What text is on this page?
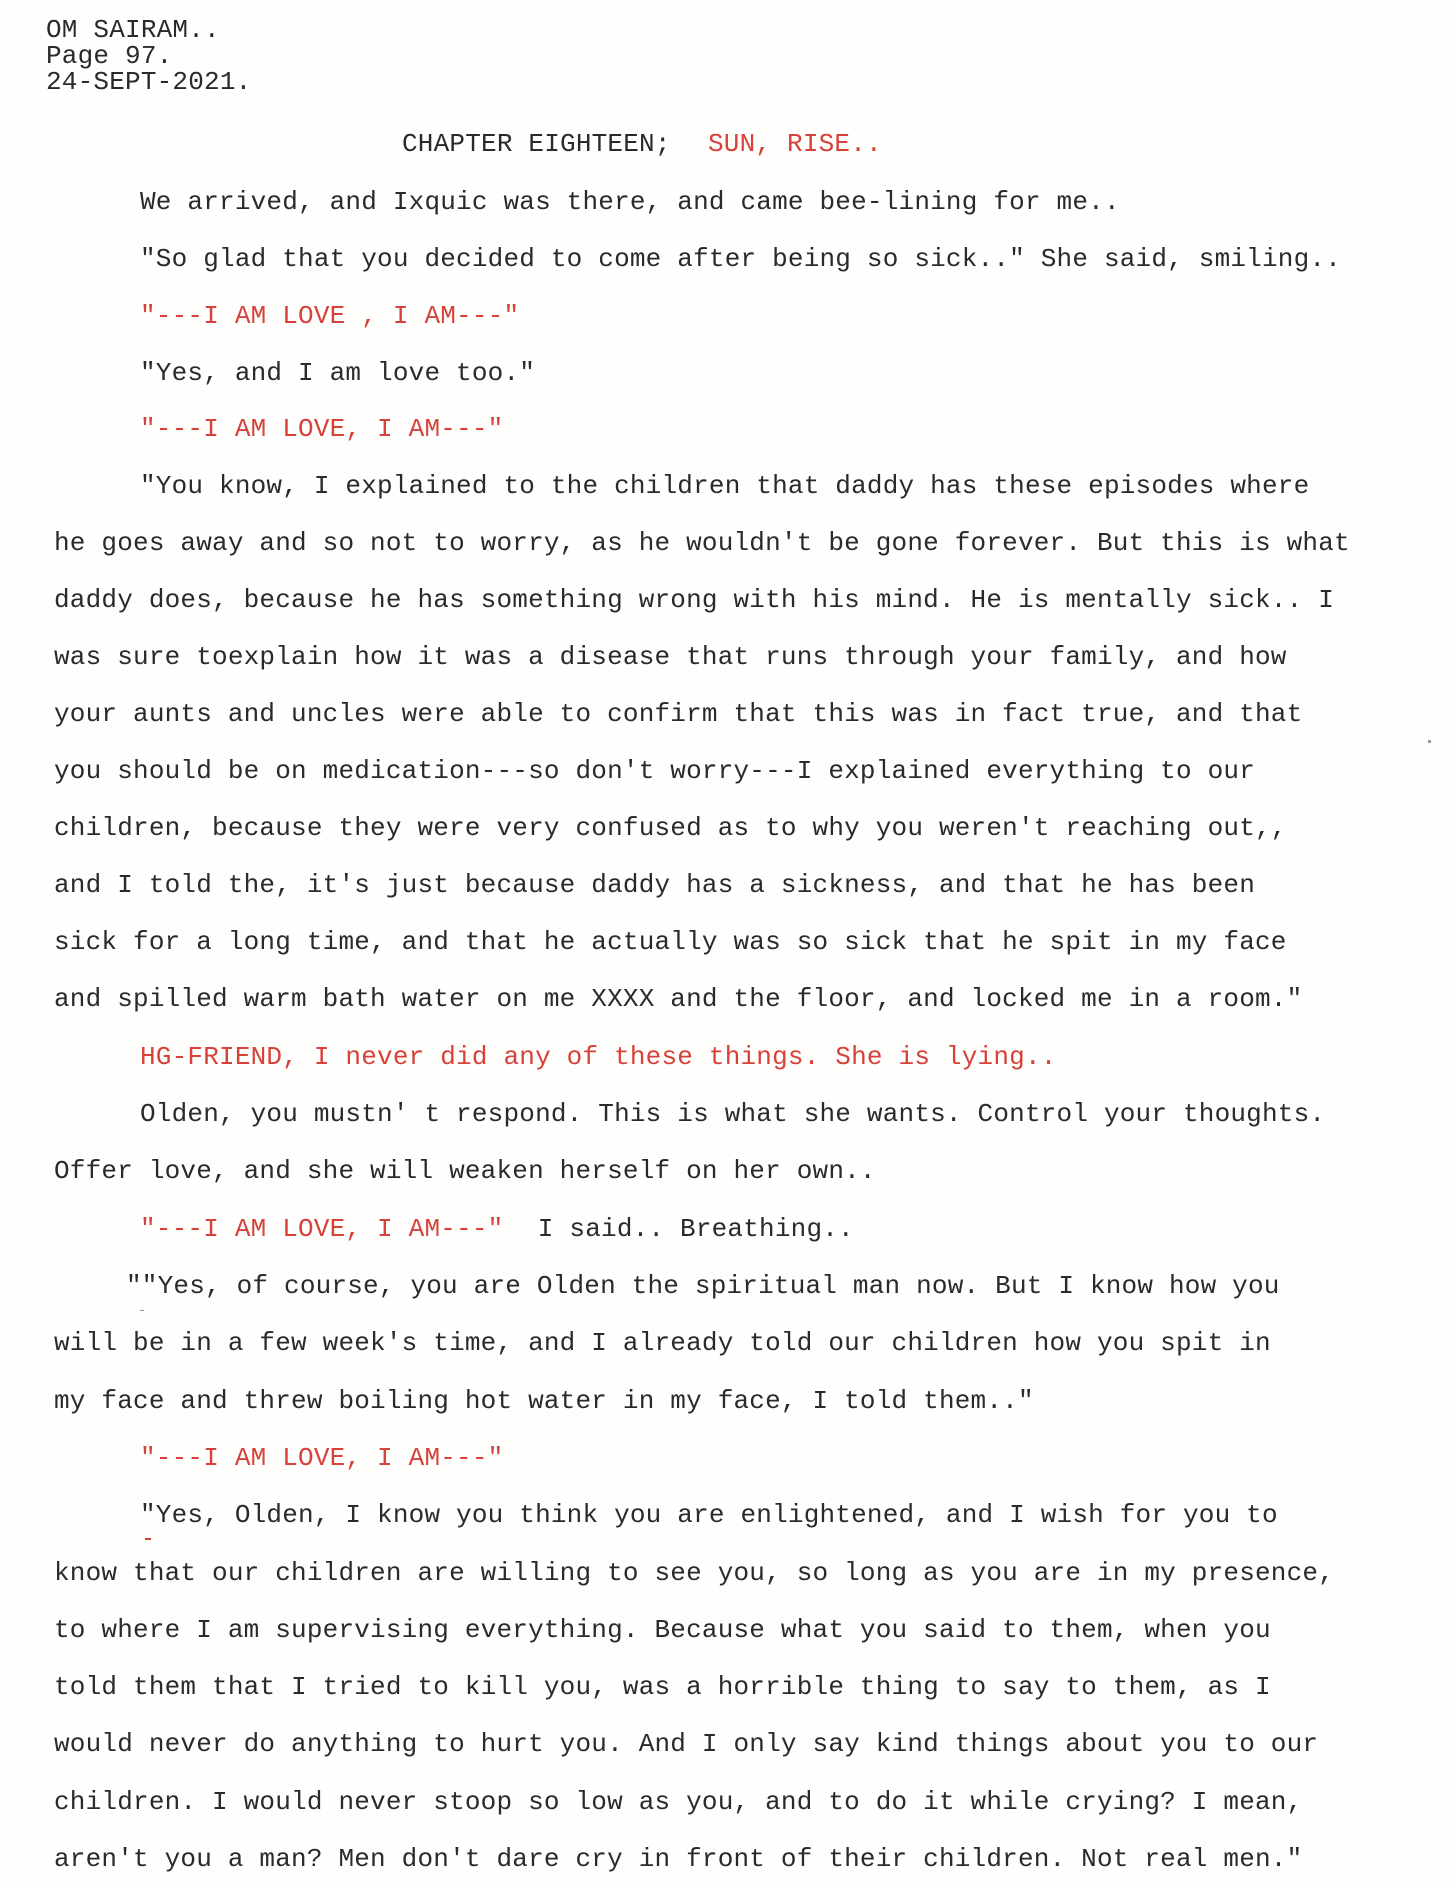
OM SAIRAM..
Page 97.
24-SEPT-2021.
CHAPTER EIGHTEEN; SUN, RISE..
We arrived, and Ixquic was there, and came bee-lining for me..
"So glad that you decided to come after being so sick.." She said, smiling..
"---I AM LOVE , I AM---"
"Yes, and I am love too."
"---I AM LOVE, I AM---"
"You know, I explained to the children that daddy has these episodes where
he goes away and so not to worry, as he wouldn't be gone forever. But this is what
daddy does, because he has something wrong with his mind. He is mentally sick.. I
was sure toexplain how it was a disease that runs through your family, and how
your aunts and uncles were able to confirm that this was in fact true, and that
you should be on medication---so don't worry---I explained everything to our
children, because they were very confused as to why you weren't reaching out,,
and I told the, it's just because daddy has a sickness, and that he has been
sick for a long time, and that he actually was so sick that he spit in my face
and spilled warm bath water on me XXXX and the floor, and locked me in a room."
HG-FRIEND, I never did any of these things. She is lying..
Olden, you mustn' t respond. This is what she wants. Control your thoughts.
Offer love, and she will weaken herself on her own..
"---I AM LOVE, I AM---" I said.. Breathing..
""Yes, of course, you are Olden the spiritual man now. But I know how you
will be in a few week's time, and I already told our children how you spit in
my face and threw boiling hot water in my face, I told them.."
"---I AM LOVE, I AM---"
"Yes, Olden, I know you think you are enlightened, and I wish for you to
know that our children are willing to see you, so long as you are in my presence,
to where I am supervising everything. Because what you said to them, when you
told them that I tried to kill you, was a horrible thing to say to them, as I
would never do anything to hurt you. And I only say kind things about you to our
children. I would never stoop so low as you, and to do it while crying? I mean,
aren't you a man? Men don't dare cry in front of their children. Not real men."
